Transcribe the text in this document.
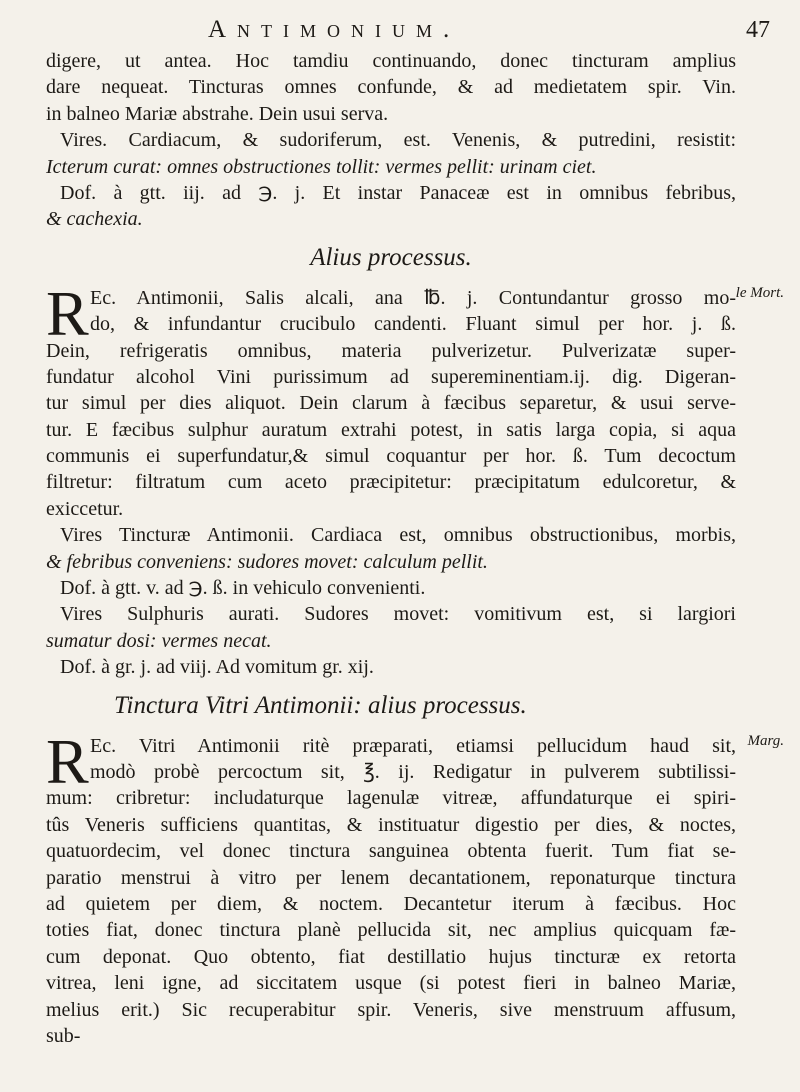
Antimonium.	47
digere, ut antea. Hoc tamdiu continuando, donec tincturam amplius
dare nequeat. Tincturas omnes confunde, & ad medietatem spir. Vin.
in balneo Mariæ abstrahe. Dein usui serva.
Vires. Cardiacum, & sudoriferum, est. Venenis, & putredini, resistit:
Icterum curat: omnes obstructiones tollit: vermes pellit: urinam ciet.
Dof. à gtt. iij. ad ℈. j. Et instar Panaceæ est in omnibus febribus,
& cachexia.
Alius processus.
R	le Mort.
Ec. Antimonii, Salis alcali, ana ℔. j. Contundantur grosso mo-
do, & infundantur crucibulo candenti. Fluant simul per hor. j. ß.
Dein, refrigeratis omnibus, materia pulverizetur. Pulverizatæ super-
fundatur alcohol Vini purissimum ad supereminentiam.ij. dig. Digeran-
tur simul per dies aliquot. Dein clarum à fæcibus separetur, & usui serve-
tur. E fæcibus sulphur auratum extrahi potest, in satis larga copia, si aqua
communis ei superfundatur,& simul coquantur per hor. ß. Tum decoctum
filtretur: filtratum cum aceto præcipitetur: præcipitatum edulcoretur, &
exiccetur.
Vires Tincturæ Antimonii. Cardiaca est, omnibus obstructionibus, morbis,
& febribus conveniens: sudores movet: calculum pellit.
Dof. à gtt. v. ad ℈. ß. in vehiculo convenienti.
Vires Sulphuris aurati. Sudores movet: vomitivum est, si largiori
sumatur dosi: vermes necat.
Dof. à gr. j. ad viij. Ad vomitum gr. xij.
Tinctura Vitri Antimonii: alius processus.
R	Marg.
Ec. Vitri Antimonii ritè præparati, etiamsi pellucidum haud sit,
modò probè percoctum sit, ℥. ij. Redigatur in pulverem subtilissi-
mum: cribretur: includaturque lagenulæ vitreæ, affundaturque ei spiri-
tûs Veneris sufficiens quantitas, & instituatur digestio per dies, & noctes,
quatuordecim, vel donec tinctura sanguinea obtenta fuerit. Tum fiat se-
paratio menstrui à vitro per lenem decantationem, reponaturque tinctura
ad quietem per diem, & noctem. Decantetur iterum à fæcibus. Hoc
toties fiat, donec tinctura planè pellucida sit, nec amplius quicquam fæ-
cum deponat. Quo obtento, fiat destillatio hujus tincturæ ex retorta
vitrea, leni igne, ad siccitatem usque (si potest fieri in balneo Mariæ,
melius erit.) Sic recuperabitur spir. Veneris, sive menstruum affusum,
sub-
